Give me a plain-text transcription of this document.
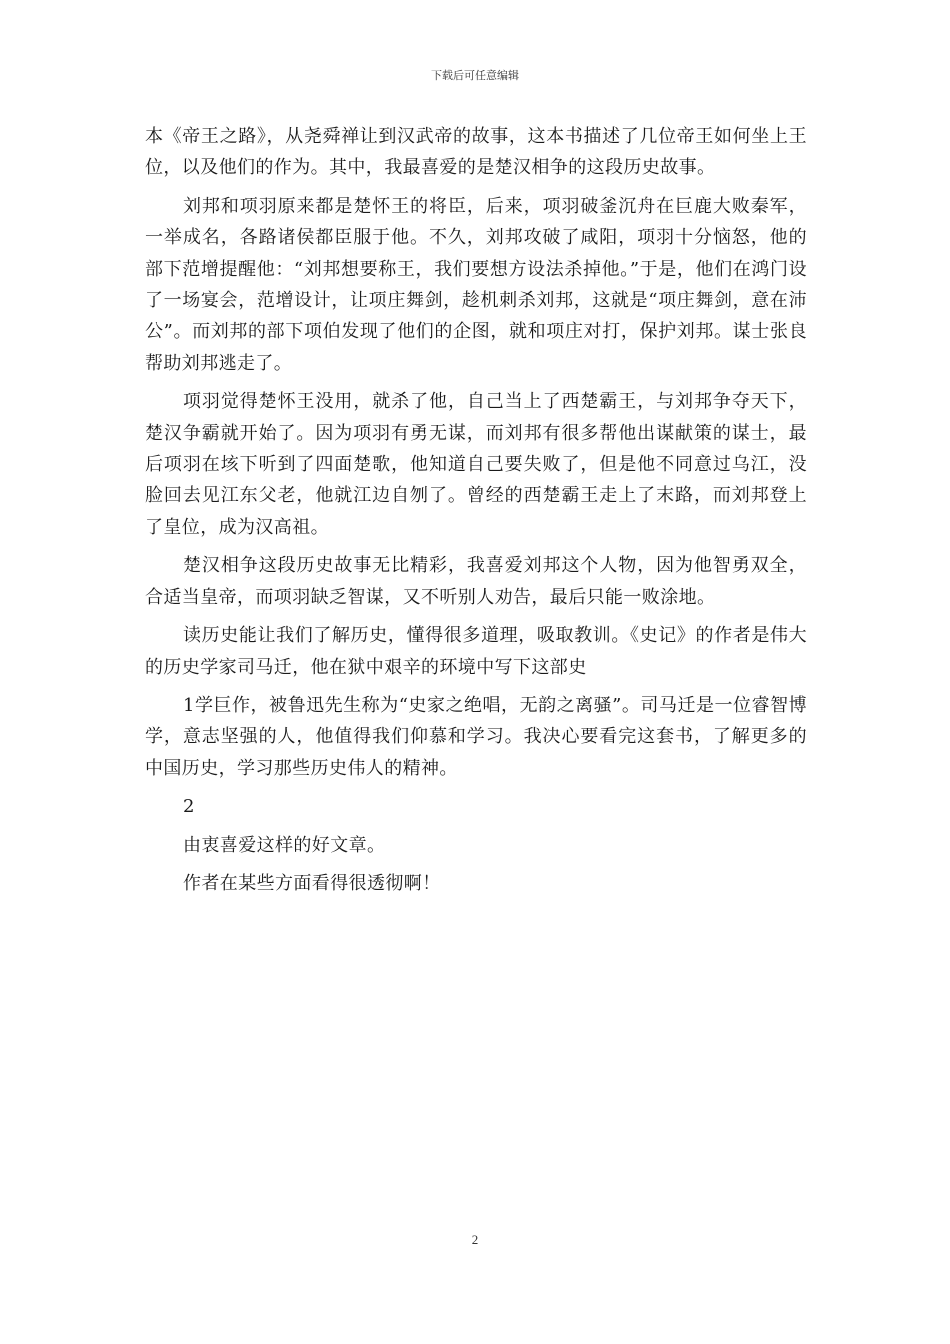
下载后可任意编辑

本《帝王之路》，从尧舜禅让到汉武帝的故事，这本书描述了几位帝王如何坐上王位，以及他们的作为。其中，我最喜爱的是楚汉相争的这段历史故事。

刘邦和项羽原来都是楚怀王的将臣，后来，项羽破釜沉舟在巨鹿大败秦军，一举成名，各路诸侯都臣服于他。不久，刘邦攻破了咸阳，项羽十分恼怒，他的部下范增提醒他：“刘邦想要称王，我们要想方设法杀掉他。”于是，他们在鸿门设了一场宴会，范增设计，让项庄舞剑，趁机刺杀刘邦，这就是“项庄舞剑，意在沛公”。而刘邦的部下项伯发现了他们的企图，就和项庄对打，保护刘邦。谋士张良帮助刘邦逃走了。

项羽觉得楚怀王没用，就杀了他，自己当上了西楚霸王，与刘邦争夺天下，楚汉争霸就开始了。因为项羽有勇无谋，而刘邦有很多帮他出谋献策的谋士，最后项羽在垓下听到了四面楚歌，他知道自己要失败了，但是他不同意过乌江，没脸回去见江东父老，他就江边自刎了。曾经的西楚霸王走上了末路，而刘邦登上了皇位，成为汉高祖。

楚汉相争这段历史故事无比精彩，我喜爱刘邦这个人物，因为他智勇双全，合适当皇帝，而项羽缺乏智谋，又不听别人劝告，最后只能一败涂地。

读历史能让我们了解历史，懂得很多道理，吸取教训。《史记》的作者是伟大的历史学家司马迁，他在狱中艰辛的环境中写下这部史

1学巨作，被鲁迅先生称为“史家之绝唱，无韵之离骚”。司马迁是一位睿智博学，意志坚强的人，他值得我们仰慕和学习。我决心要看完这套书，了解更多的中国历史，学习那些历史伟人的精神。

2

由衷喜爱这样的好文章。

作者在某些方面看得很透彻啊！

2
